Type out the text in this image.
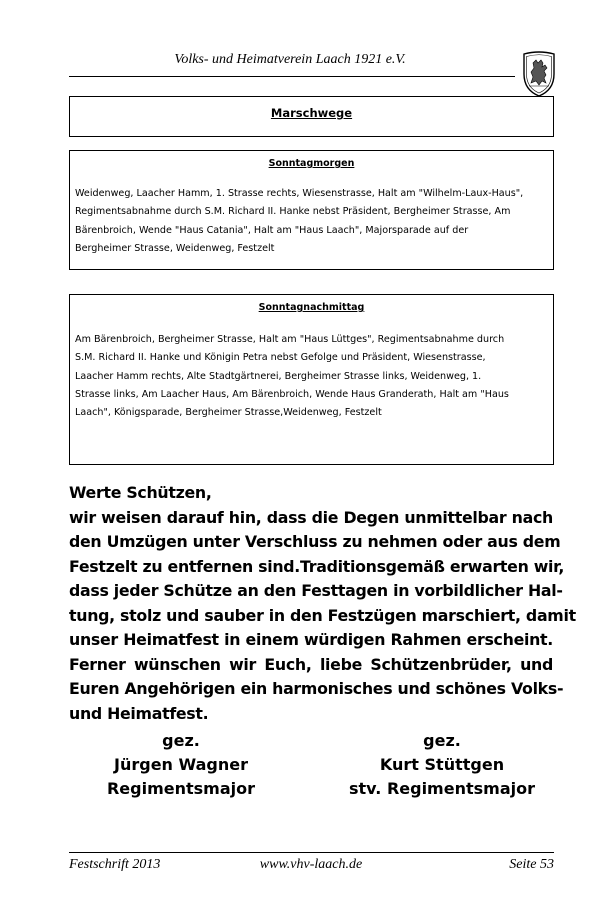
Volks- und Heimatverein Laach 1921 e.V.
Marschwege
Sonntagmorgen
Weidenweg, Laacher Hamm, 1. Strasse rechts, Wiesenstrasse, Halt am "Wilhelm-Laux-Haus",
Regimentsabnahme durch S.M. Richard II. Hanke nebst Präsident, Bergheimer Strasse, Am
Bärenbroich, Wende "Haus Catania", Halt am "Haus Laach", Majorsparade auf der
Bergheimer Strasse, Weidenweg, Festzelt
Sonntagnachmittag
Am Bärenbroich, Bergheimer Strasse, Halt am "Haus Lüttges", Regimentsabnahme durch
S.M. Richard II. Hanke und Königin Petra nebst Gefolge und Präsident, Wiesenstrasse,
Laacher Hamm rechts, Alte Stadtgärtnerei, Bergheimer Strasse links, Weidenweg, 1.
Strasse links, Am Laacher Haus, Am Bärenbroich, Wende Haus Granderath, Halt am "Haus
Laach", Königsparade, Bergheimer Strasse,Weidenweg, Festzelt
Werte Schützen,
wir weisen darauf hin, dass die Degen unmittelbar nach
den Umzügen unter Verschluss zu nehmen oder aus dem
Festzelt zu entfernen sind.Traditionsgemäß erwarten wir,
dass jeder Schütze an den Festtagen in vorbildlicher Hal-
tung, stolz und sauber in den Festzügen marschiert, damit
unser Heimatfest in einem würdigen Rahmen erscheint.
Ferner wünschen wir Euch, liebe Schützenbrüder, und
Euren Angehörigen ein harmonisches und schönes Volks-
und Heimatfest.
gez.
Jürgen Wagner
Regimentsmajor
gez.
Kurt Stüttgen
stv. Regimentsmajor
Festschrift 2013	www.vhv-laach.de	Seite 53
